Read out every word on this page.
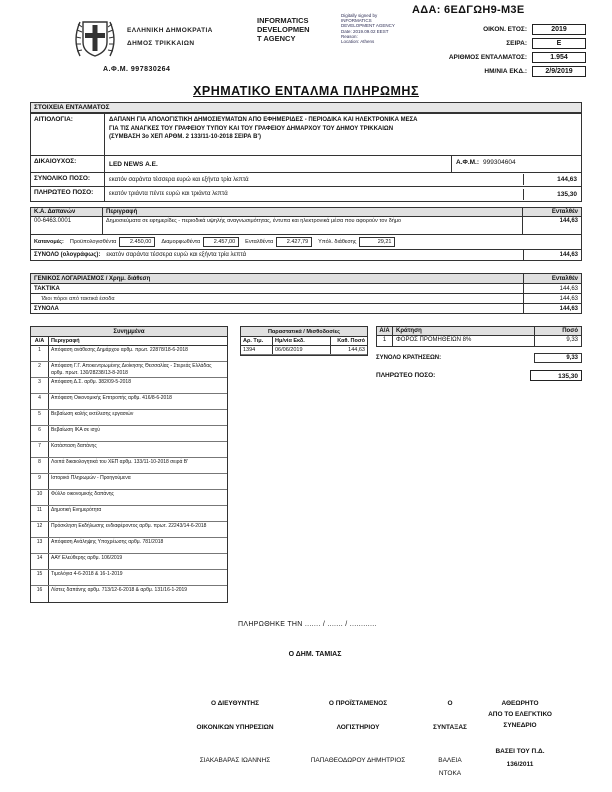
ΑΔΑ: 6ΕΔΓΩΗ9-Μ3Ε
ΕΛΛΗΝΙΚΗ ΔΗΜΟΚΡΑΤΙΑ
ΔΗΜΟΣ ΤΡΙΚΚΑΙΩΝ
INFORMATICS
DEVELOPMEN
T AGENCY
Digitally signed by
INFORMATICS
DEVELOPMENT AGENCY
Date: 2019.09.02 EEST
Reason:
Location: Athens
ΟΙΚΟΝ. ΕΤΟΣ:	2019
ΣΕΙΡΑ:	Ε
ΑΡΙΘΜΟΣ ΕΝΤΑΛΜΑΤΟΣ:	1.954
ΗΜ/ΝΙΑ ΕΚΔ.:	2/9/2019
Α.Φ.Μ. 997830264
ΧΡΗΜΑΤΙΚΟ ΕΝΤΑΛΜΑ ΠΛΗΡΩΜΗΣ
ΣΤΟΙΧΕΙΑ ΕΝΤΑΛΜΑΤΟΣ
ΑΙΤΙΟΛΟΓΙΑ:	ΔΑΠΑΝΗ ΓΙΑ ΑΠΟΛΟΓΙΣΤΙΚΗ ΔΗΜΟΣΙΕΥΜΑΤΩΝ ΑΠΟ ΕΦΗΜΕΡΙΔΕΣ - ΠΕΡΙΟΔΙΚΑ ΚΑΙ ΗΛΕΚΤΡΟΝΙΚΑ ΜΕΣΑ
ΓΙΑ ΤΙΣ ΑΝΑΓΚΕΣ ΤΟΥ ΓΡΑΦΕΙΟΥ ΤΥΠΟΥ ΚΑΙ ΤΟΥ ΓΡΑΦΕΙΟΥ ΔΗΜΑΡΧΟΥ ΤΟΥ ΔΗΜΟΥ ΤΡΙΚΚΑΙΩΝ
(ΣΥΜΒΑΣΗ 3ο ΧΕΠ ΑΡΘΜ. 2 133/11-10-2018 ΣΕΙΡΑ Β')
ΔΙΚΑΙΟΥΧΟΣ:	LED NEWS Α.Ε.	Α.Φ.Μ.: 999304604
ΣΥΝΟΛΙΚΟ ΠΟΣΟ:	εκατόν σαράντα τέσσερα ευρώ και εξήντα τρία λεπτά	144,63
ΠΛΗΡΩΤΕΟ ΠΟΣΟ:	εκατόν τριάντα πέντε ευρώ και τριάντα λεπτά	135,30
Κ.Α. Δαπανών	Περιγραφή	Ενταλθέν
00-6463.0001	Δημοσιεύματα σε εφημερίδες - περιοδικά υψηλής αναγνωσιμότητας, έντυπα και ηλεκτρονικά μέσα που αφορούν τον δήμο	144,63
Κατανομές: Προϋπολογισθέντα	2.450,00	Διαμορφωθέντα	2.457,00	Ενταλθέντα	2.427,79	Υπόλ. διάθεσης	29,21
ΣΥΝΟΛΟ (ολογράφως):	εκατόν σαράντα τέσσερα ευρώ και εξήντα τρία λεπτά	144,63
ΓΕΝΙΚΟΣ ΛΟΓΑΡΙΑΣΜΟΣ / Χρημ. διάθεση	Ενταλθέν
ΤΑΚΤΙΚΑ	144,63
Ίδιοι πόροι από τακτικά έσοδα	144,63
ΣΥΝΟΛΑ	144,63
Συνημμένα
Α/Α	Περιγραφή
1	Απόφαση ανάθεσης Δημάρχου αρθμ. πρωτ. 22878/18-6-2018
2	Απόφαση Γ.Γ. Αποκεντρωμένης Διοίκησης Θεσσαλίας - Στερεάς Ελλάδας αρθμ. πρωτ. 130/28238/13-8-2018
3	Απόφαση Δ.Σ. αρθμ. 382/09-5-2018
4	Απόφαση Οικονομικής Επιτροπής αρθμ. 416/8-6-2018
5	Βεβαίωση καλής εκτέλεσης εργασιών
6	Βεβαίωση ΙΚΑ σε ισχύ
7	Κατάσταση δαπάνης
8	Λοιπά δικαιολογητικά του ΧΕΠ αρθμ. 133/11-10-2018 σειρά Β'
9	Ιστορικό Πληρωμών - Προηγούμενα
10	Φύλλο οικονομικής δαπάνης
11	Δημοτική Ενημερότητα
12	Πρόσκληση Εκδήλωσης ενδιαφέροντος αρθμ. πρωτ. 22243/14-6-2018
13	Απόφαση Ανάληψης Υποχρέωσης αρθμ. 781/2018
14	ΑΑΥ Ελεύθερης αρθμ. 106/2019
15	Τιμολόγια 4-6-2018 & 16-1-2019
16	Λίστες δαπάνης αρθμ. 713/12-6-2018 & αρθμ. 131/16-1-2019
Παραστατικά / Μισθοδοσίες
Αρ. Τιμ.	Ημ/νία Εκδ.	Καθ. Ποσό
1394	06/06/2019	144,63
Α/Α	Κράτηση	Ποσό
1	ΦΟΡΟΣ ΠΡΟΜΗΘΕΙΩΝ 8%	9,33
ΣΥΝΟΛΟ ΚΡΑΤΗΣΕΩΝ:	9,33
ΠΛΗΡΩΤΕΟ ΠΟΣΟ:	135,30
ΠΛΗΡΩΘΗΚΕ ΤΗΝ ....... / ....... / ............
Ο ΔΗΜ. ΤΑΜΙΑΣ
Ο ΔΙΕΥΘΥΝΤΗΣ
ΟΙΚΟΝ/ΚΩΝ ΥΠΗΡΕΣΙΩΝ
ΣΙΑΚΑΒΑΡΑΣ ΙΩΑΝΝΗΣ
Ο ΠΡΟΪΣΤΑΜΕΝΟΣ
ΛΟΓΙΣΤΗΡΙΟΥ
ΠΑΠΑΘΕΟΔΩΡΟΥ ΔΗΜΗΤΡΙΟΣ
Ο
ΣΥΝΤΑΞΑΣ
ΒΑΛΕΙΑ
ΝΤΟΚΑ
ΑΘΕΩΡΗΤΟ
ΑΠΟ ΤΟ ΕΛΕΓΚΤΙΚΟ
ΣΥΝΕΔΡΙΟ
ΒΑΣΕΙ ΤΟΥ Π.Δ.
136/2011
